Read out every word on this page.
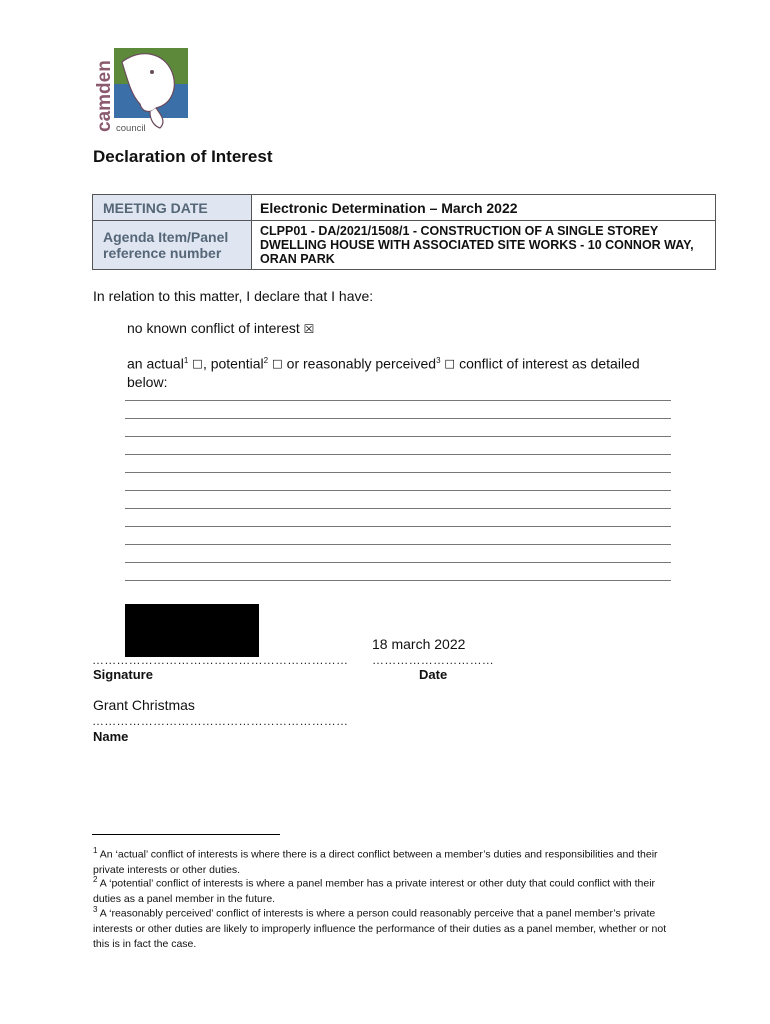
camden council
Declaration of Interest
MEETING DATE	Electronic Determination – March 2022
Agenda Item/Panel reference number	CLPP01 - DA/2021/1508/1 - CONSTRUCTION OF A SINGLE STOREY DWELLING HOUSE WITH ASSOCIATED SITE WORKS - 10 CONNOR WAY, ORAN PARK
In relation to this matter, I declare that I have:
no known conflict of interest ☒
an actual$^1$ ☐, potential$^2$ ☐ or reasonably perceived$^3$ ☐ conflict of interest as detailed below:
18 march 2022
……………………………………………………… …………………………
Signature	Date
Grant Christmas
………………………………………………………
Name
$^1$ An ‘actual’ conflict of interests is where there is a direct conflict between a member’s duties and responsibilities and their private interests or other duties.
$^2$ A ‘potential’ conflict of interests is where a panel member has a private interest or other duty that could conflict with their duties as a panel member in the future.
$^3$ A ‘reasonably perceived’ conflict of interests is where a person could reasonably perceive that a panel member’s private interests or other duties are likely to improperly influence the performance of their duties as a panel member, whether or not this is in fact the case.
